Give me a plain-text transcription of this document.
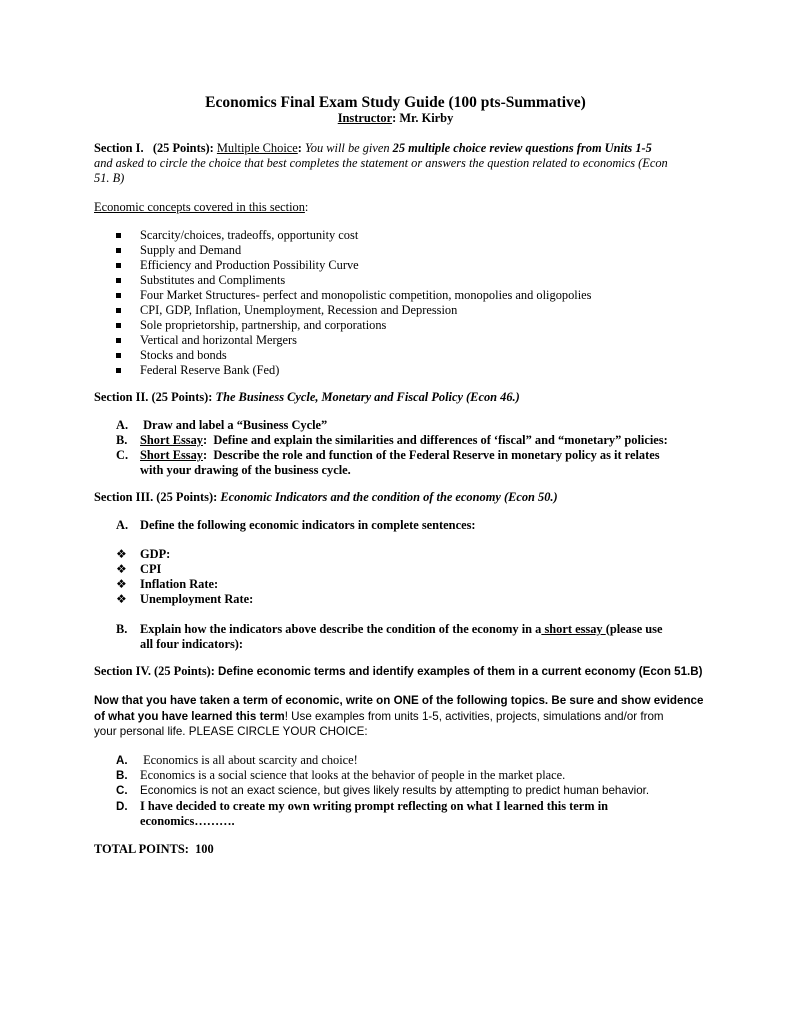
Economics Final Exam Study Guide (100 pts-Summative)
Instructor: Mr. Kirby
Section I.   (25 Points): Multiple Choice: You will be given 25 multiple choice review questions from Units 1-5
and asked to circle the choice that best completes the statement or answers the question related to economics (Econ
51. B)
Economic concepts covered in this section:
Scarcity/choices, tradeoffs, opportunity cost
Supply and Demand
Efficiency and Production Possibility Curve
Substitutes and Compliments
Four Market Structures- perfect and monopolistic competition, monopolies and oligopolies
CPI, GDP, Inflation, Unemployment, Recession and Depression
Sole proprietorship, partnership, and corporations
Vertical and horizontal Mergers
Stocks and bonds
Federal Reserve Bank (Fed)
Section II. (25 Points): The Business Cycle, Monetary and Fiscal Policy (Econ 46.)
A. Draw and label a “Business Cycle”
B. Short Essay:  Define and explain the similarities and differences of ‘fiscal” and “monetary” policies:
C. Short Essay:  Describe the role and function of the Federal Reserve in monetary policy as it relates
with your drawing of the business cycle.
Section III. (25 Points): Economic Indicators and the condition of the economy (Econ 50.)
A. Define the following economic indicators in complete sentences:
❖ GDP:
❖ CPI
❖ Inflation Rate:
❖ Unemployment Rate:
B. Explain how the indicators above describe the condition of the economy in a short essay (please use
all four indicators):
Section IV. (25 Points): Define economic terms and identify examples of them in a current economy (Econ 51.B)
Now that you have taken a term of economic, write on ONE of the following topics. Be sure and show evidence
of what you have learned this term! Use examples from units 1-5, activities, projects, simulations and/or from
your personal life. PLEASE CIRCLE YOUR CHOICE:
A. Economics is all about scarcity and choice!
B. Economics is a social science that looks at the behavior of people in the market place.
C. Economics is not an exact science, but gives likely results by attempting to predict human behavior.
D. I have decided to create my own writing prompt reflecting on what I learned this term in
economics……….
TOTAL POINTS:  100
